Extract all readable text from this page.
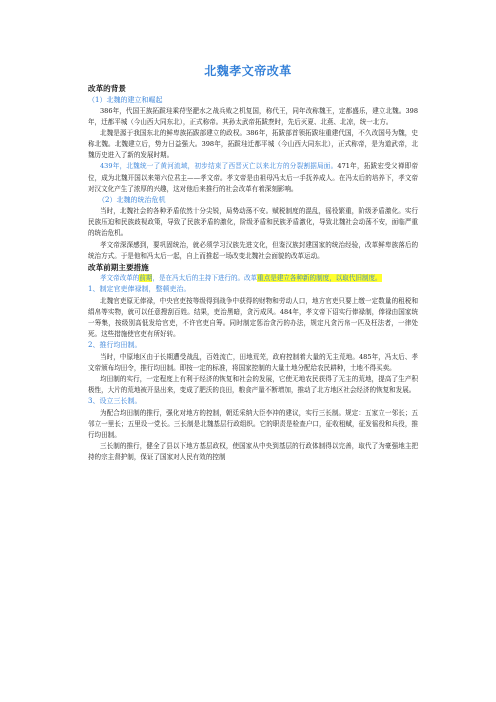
北魏孝文帝改革
改革的背景
（1）北魏的建立和崛起

386年，代国王族拓跋珪乘苻坚淝水之战兵败之机复国，称代王，同年改称魏王，定都盛乐，建立北魏。398年，迁都平城（今山西大同东北），正式称帝。其孙太武帝拓跋焘时，先后灭夏、北燕、北凉，统一北方。

北魏是源于我国东北的鲜卑族拓跋部建立的政权。386年，拓跋部首领拓跋珪重建代国，不久改国号为魏，史称北魏。北魏建立后，势力日益强大。398年，拓跋珪迁都平城（今山西大同东北），正式称帝，是为道武帝，北魏历史进入了新的发展时期。

439年，北魏统一了黄河流域，初步结束了西晋灭亡以来北方的分裂割据局面。471年，拓跋宏受父禅即帝位，成为北魏开国以来第六位君主——孝文帝。孝文帝是由祖母冯太后一手抚养成人。在冯太后的培养下，孝文帝对汉文化产生了浓厚的兴趣，这对他后来推行的社会改革有着深刻影响。

（2）北魏的统治危机

当时，北魏社会的各种矛盾依然十分尖锐，局势动荡不安。赋税制度的混乱，徭役繁重，阶级矛盾激化。实行民族压迫和民族歧视政策，导致了民族矛盾的激化，阶级矛盾和民族矛盾激化，导致北魏社会动荡不安，面临严重的统治危机。

孝文帝深深感到，要巩固统治，就必须学习汉族先进文化，但鉴汉族封建国家的统治经验，改革鲜卑族落后的统治方式。于是他和冯太后一起，自上而推起一场改变北魏社会面貌的改革运动。

改革前期主要措施

孝文帝改革的前期，是在冯太后的主持下进行的。改革重点是建立各种新的制度，以取代旧制度。

1、制定官吏俸禄制，整顿吏治。

北魏官吏原无俸禄，中央官吏按等级得到战争中获得的财物和劳动人口，地方官吏只要上缴一定数量的租税和绢帛等实物，就可以任意搜刮百姓。结果，吏治黑暗，贪污成风。484年，孝文帝下诏实行俸禄制，俸禄由国家统一筹集，按级别高低发给官吏，不许官吏自筹。同时制定惩治贪污的办法，规定凡贪污帛一匹及枉法者，一律处死。这些措施使官吏有所好转。

2、推行均田制。

当时，中原地区由于长期遭受战乱，百姓流亡，田地荒芜，政府控制着大量的无主荒地。485年，冯太后、孝文帝颁布均田令，推行均田制。即按一定的标准，将国家控制的大量土地分配给农民耕种，土地不得买卖。

均田制的实行，一定程度上有利于经济的恢复和社会的发展，它使无地农民获得了无主的荒地，提高了生产积极性，大片的荒地被开垦出来，变成了肥沃的良田，粮食产量不断增加，推动了北方地区社会经济的恢复和发展。

3、设立三长制。

为配合均田制的推行，强化对地方的控制，朝廷采纳大臣李冲的建议，实行三长制。规定：五家立一邻长；五邻立一里长；五里设一党长。三长制是北魏基层行政组织。它的职责是检查户口，征收租赋，征发徭役和兵役，推行均田制。

三长制的推行，健全了县以下地方基层政权，使国家从中央到基层的行政体制得以完善，取代了为豪强地主把持的宗主督护制，保证了国家对人民有效的控制
